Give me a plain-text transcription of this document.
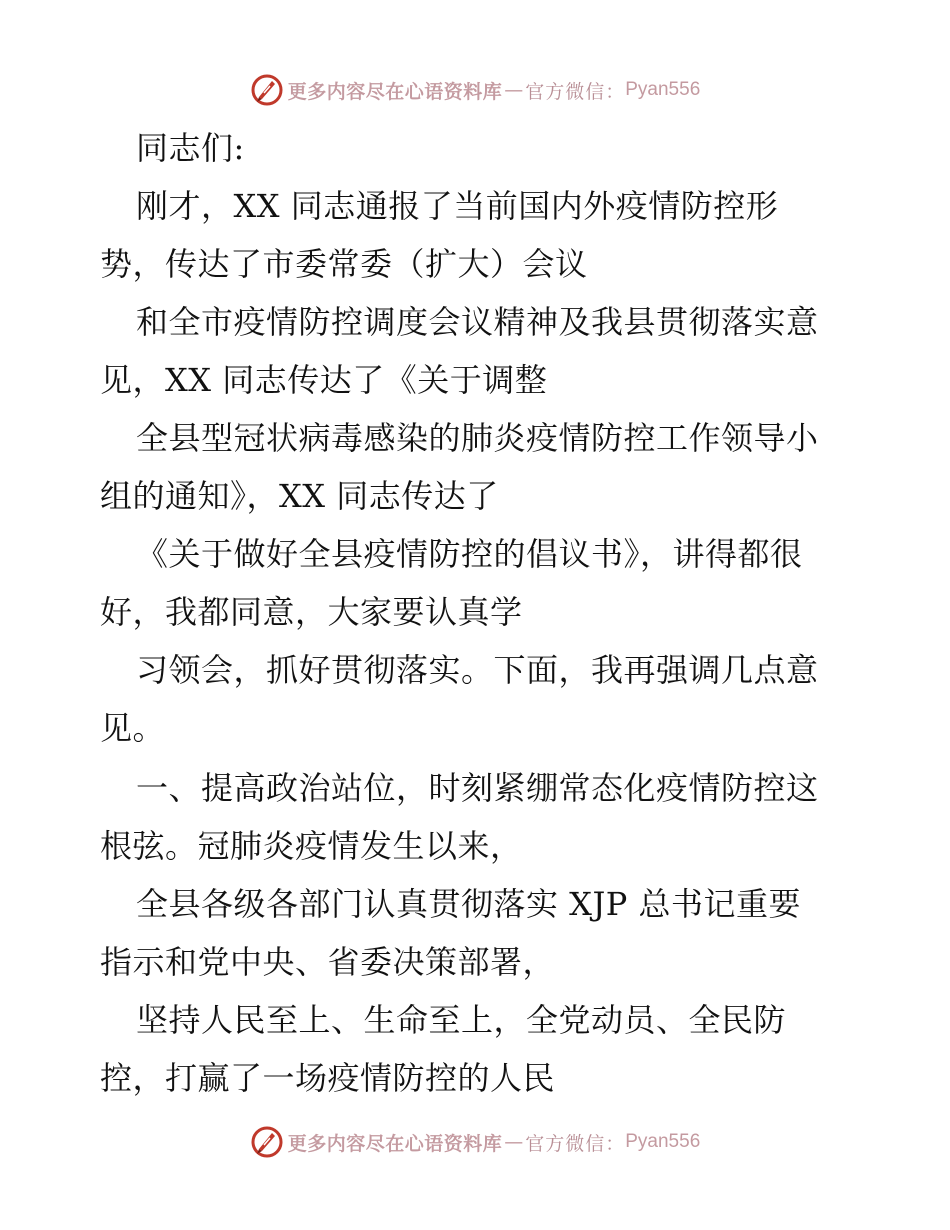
更多内容尽在心语资料库 — 官方微信： Pyan556
同志们:
刚才，XX 同志通报了当前国内外疫情防控形
势，传达了市委常委（扩大）会议
和全市疫情防控调度会议精神及我县贯彻落实意
见，XX 同志传达了《关于调整
全县型冠状病毒感染的肺炎疫情防控工作领导小
组的通知》，XX 同志传达了
《关于做好全县疫情防控的倡议书》，讲得都很
好，我都同意，大家要认真学
习领会，抓好贯彻落实。下面，我再强调几点意
见。
一、提高政治站位，时刻紧绷常态化疫情防控这
根弦。冠肺炎疫情发生以来，
全县各级各部门认真贯彻落实 XJP 总书记重要
指示和党中央、省委决策部署，
坚持人民至上、生命至上，全党动员、全民防
控，打赢了一场疫情防控的人民
更多内容尽在心语资料库 — 官方微信： Pyan556
